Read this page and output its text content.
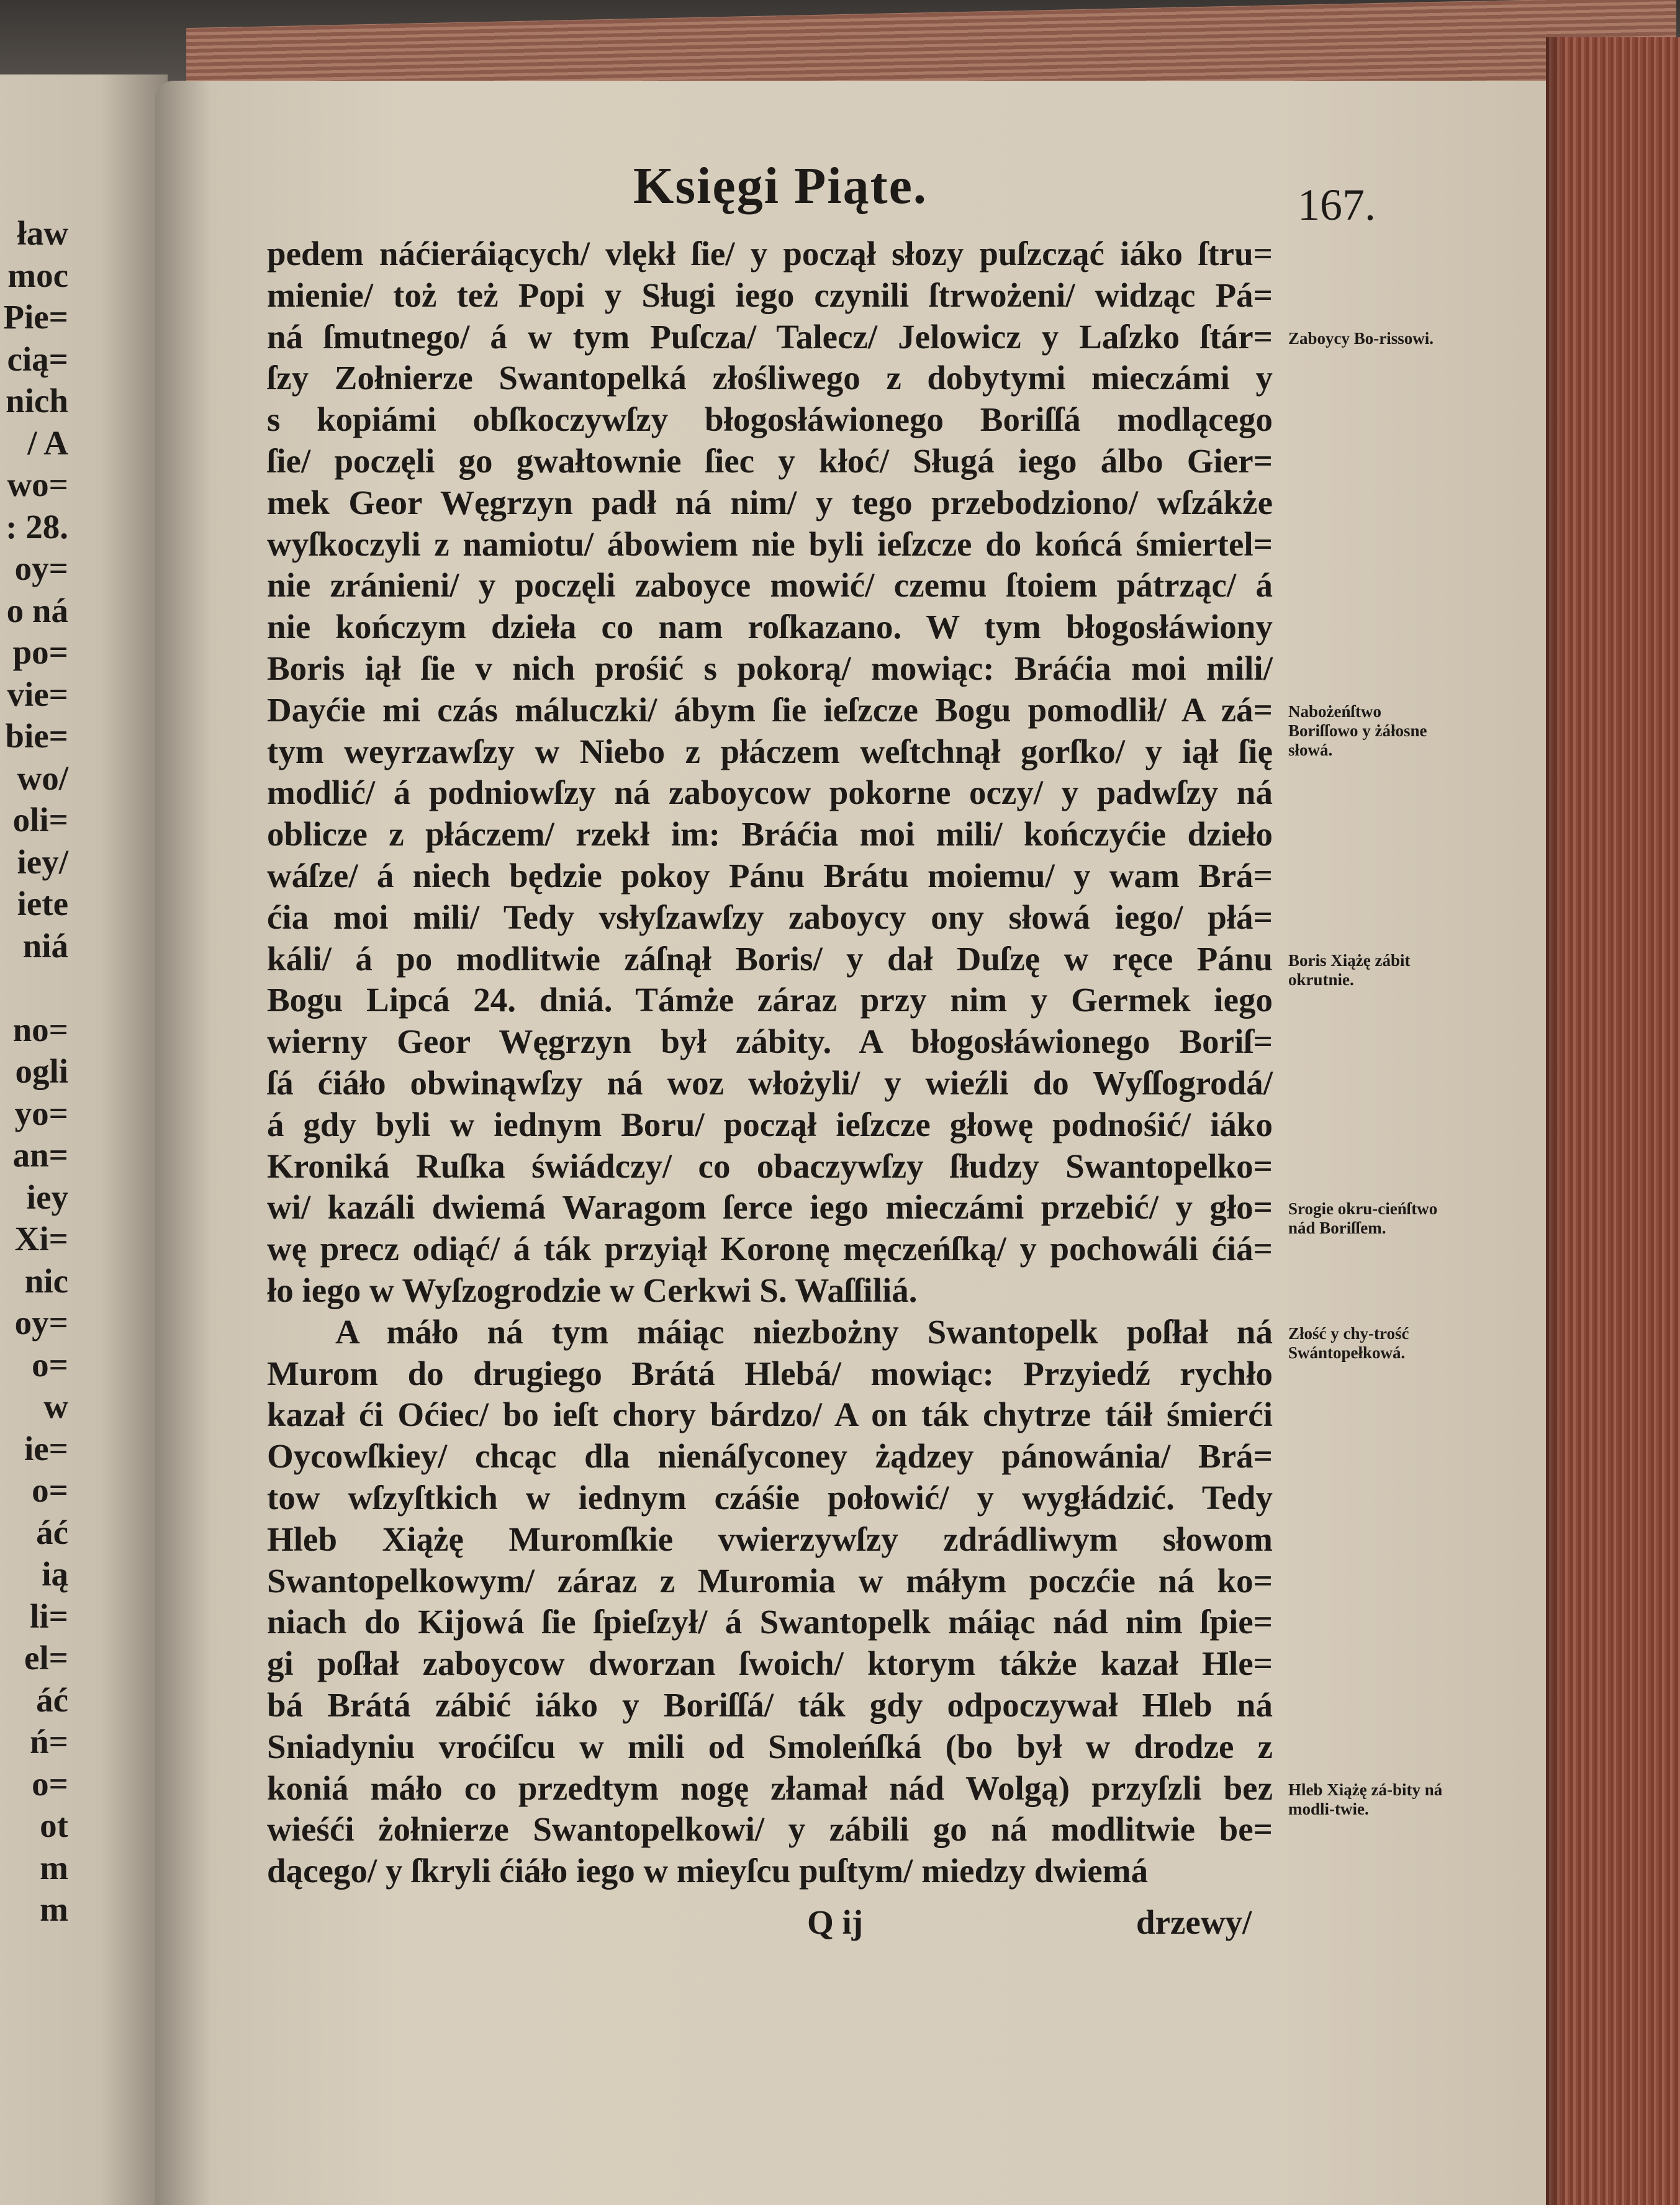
Księgi Piąte.	167.
pedem náćieráiących/ vlękł ſie/ y począł słozy puſzcząć iáko ſtru=
mienie/ toż też Popi y Sługi iego czynili ſtrwożeni/ widząc Pá=
ná ſmutnego/ á w tym Puſcza/ Talecz/ Jelowicz y Laſzko ſtár=
ſzy Zołnierze Swantopelká złośliwego z dobytymi mieczámi y
s kopiámi obſkoczywſzy błogosłáwionego Boriſſá modlącego
ſie/ poczęli go gwałtownie ſiec y kłoć/ Sługá iego álbo Gier=
mek Geor Węgrzyn padł ná nim/ y tego przebodziono/ wſzákże
wyſkoczyli z namiotu/ ábowiem nie byli ieſzcze do końcá śmiertel=
nie zránieni/ y poczęli zaboyce mowić/ czemu ſtoiem pátrząc/ á
nie kończym dzieła co nam roſkazano. W tym błogosłáwiony
Boris iął ſie v nich prośić s pokorą/ mowiąc: Bráćia moi mili/
Dayćie mi czás máluczki/ ábym ſie ieſzcze Bogu pomodlił/ A zá=
tym weyrzawſzy w Niebo z płáczem weſtchnął gorſko/ y iął ſię
modlić/ á podniowſzy ná zaboycow pokorne oczy/ y padwſzy ná
oblicze z płáczem/ rzekł im: Bráćia moi mili/ kończyćie dzieło
wáſze/ á niech będzie pokoy Pánu Brátu moiemu/ y wam Brá=
ćia moi mili/ Tedy vsłyſzawſzy zaboycy ony słowá iego/ płá=
káli/ á po modlitwie záſnął Boris/ y dał Duſzę w ręce Pánu
Bogu Lipcá 24. dniá. Támże záraz przy nim y Germek iego
wierny Geor Węgrzyn był zábity. A błogosłáwionego Boriſ=
ſá ćiáło obwinąwſzy ná woz włożyli/ y wieźli do Wyſſogrodá/
á gdy byli w iednym Boru/ począł ieſzcze głowę podnośić/ iáko
Kroniká Ruſka świádczy/ co obaczywſzy ſłudzy Swantopelko=
wi/ kazáli dwiemá Waragom ſerce iego mieczámi przebić/ y gło=
wę precz odiąć/ á ták przyiął Koronę męczeńſką/ y pochowáli ćiá=
ło iego w Wyſzogrodzie w Cerkwi S. Waſſiliá.
A máło ná tym máiąc niezbożny Swantopelk poſłał ná
Murom do drugiego Brátá Hlebá/ mowiąc: Przyiedź rychło
kazał ći Oćiec/ bo ieſt chory bárdzo/ A on ták chytrze táił śmierći
Oycowſkiey/ chcąc dla nienáſyconey żądzey pánowánia/ Brá=
tow wſzyſtkich w iednym czáśie połowić/ y wygłádzić. Tedy
Hleb Xiążę Muromſkie vwierzywſzy zdrádliwym słowom
Swantopelkowym/ záraz z Muromia w máłym poczćie ná ko=
niach do Kijowá ſie ſpieſzył/ á Swantopelk máiąc nád nim ſpie=
gi poſłał zaboycow dworzan ſwoich/ ktorym tákże kazał Hle=
bá Brátá zábić iáko y Boriſſá/ ták gdy odpoczywał Hleb ná
Sniadyniu vroćiſcu w mili od Smoleńſká (bo był w drodze z
koniá máło co przedtym nogę złamał nád Wolgą) przyſzli bez
wieśći żołnierze Swantopelkowi/ y zábili go ná modlitwie be=
dącego/ y ſkryli ćiáło iego w mieyſcu puſtym/ miedzy dwiemá
Zaboycy Bo-rissowi.
Nabożeńſtwo Boriſſowo y żáłosne słowá.
Boris Xiążę zábit okrutnie.
Srogie okru-cieńſtwo nád Boriſſem.
Złość y chy-trość Swántopełkowá.
Hleb Xiążę zá-bity ná modli-twie.
ław
moc
Pie=
cią=
nich
/ A
wo=
: 28.
oy=
o ná
po=
vie=
bie=
wo/
oli=
iey/
iete
niá
no=
ogli
yo=
an=
iey
Xi=
nic
oy=
o=
w
ie=
o=
áć
ią
li=
el=
áć
ń=
o=
ot
m
m	Q ij	drzewy/
